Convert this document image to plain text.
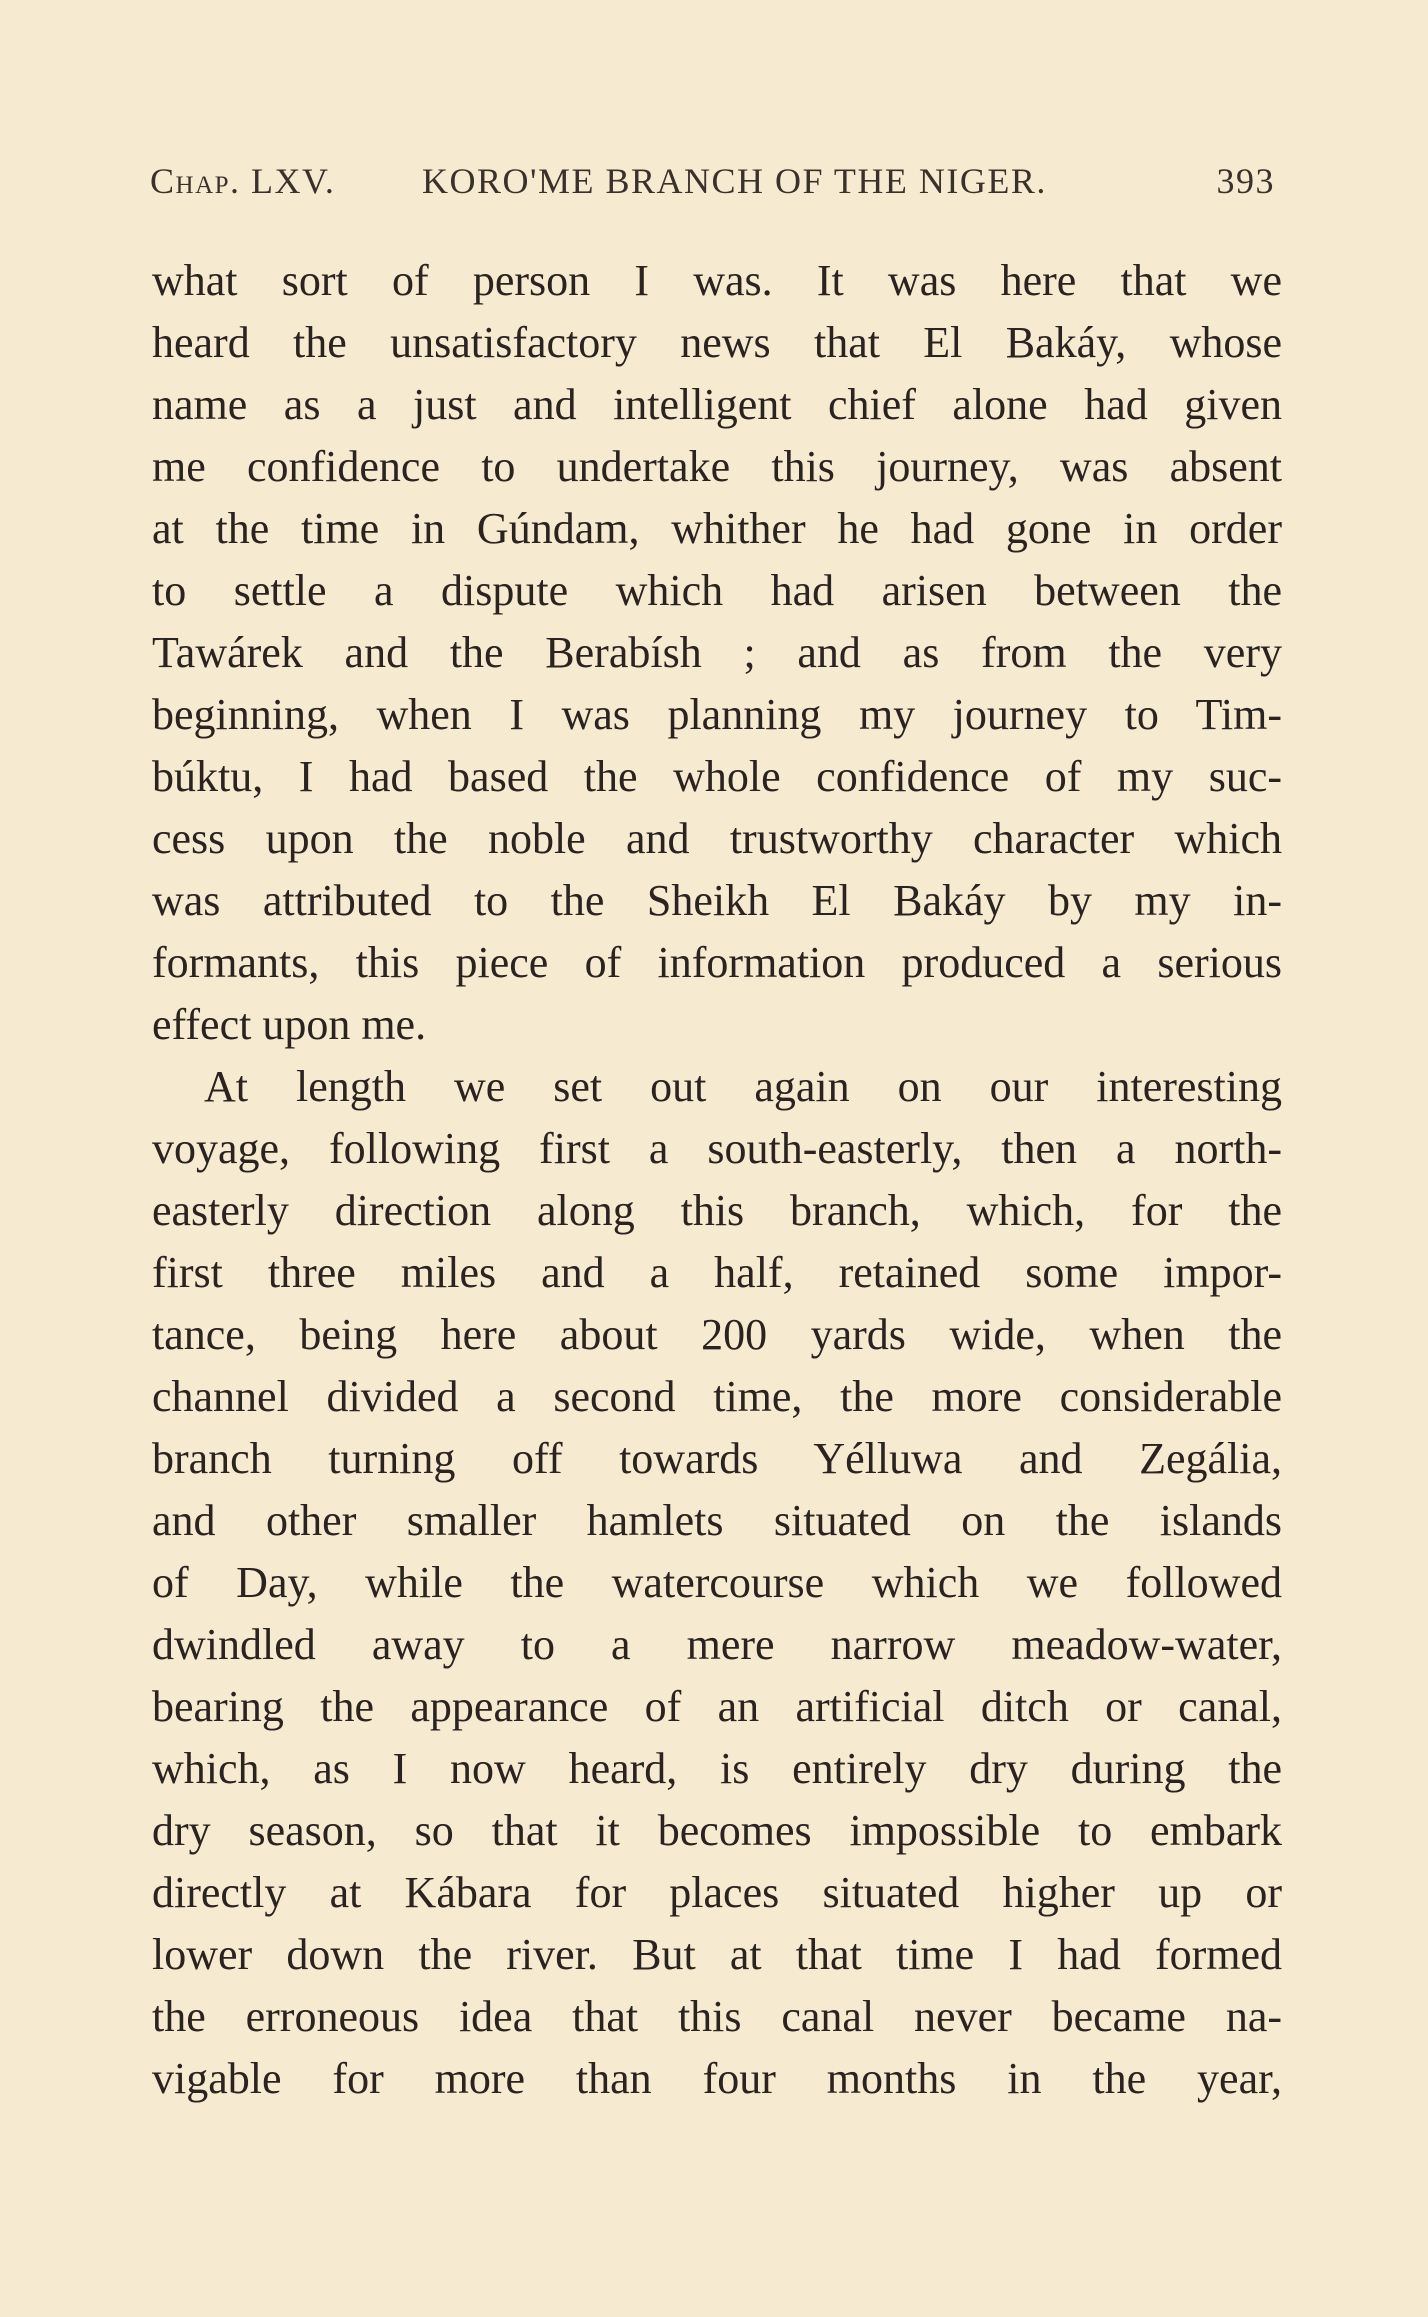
Chap. LXV. KORO'ME BRANCH OF THE NIGER.	393

what sort of person I was. It was here that we
heard the unsatisfactory news that El Bakáy, whose
name as a just and intelligent chief alone had given
me confidence to undertake this journey, was absent
at the time in Gúndam, whither he had gone in order
to settle a dispute which had arisen between the
Tawárek and the Berabísh ; and as from the very
beginning, when I was planning my journey to Tim-
búktu, I had based the whole confidence of my suc-
cess upon the noble and trustworthy character which
was attributed to the Sheikh El Bakáy by my in-
formants, this piece of information produced a serious
effect upon me.

At length we set out again on our interesting
voyage, following first a south-easterly, then a north-
easterly direction along this branch, which, for the
first three miles and a half, retained some impor-
tance, being here about 200 yards wide, when the
channel divided a second time, the more considerable
branch turning off towards Yélluwa and Zegália,
and other smaller hamlets situated on the islands
of Day, while the watercourse which we followed
dwindled away to a mere narrow meadow-water,
bearing the appearance of an artificial ditch or canal,
which, as I now heard, is entirely dry during the
dry season, so that it becomes impossible to embark
directly at Kábara for places situated higher up or
lower down the river. But at that time I had formed
the erroneous idea that this canal never became na-
vigable for more than four months in the year,
